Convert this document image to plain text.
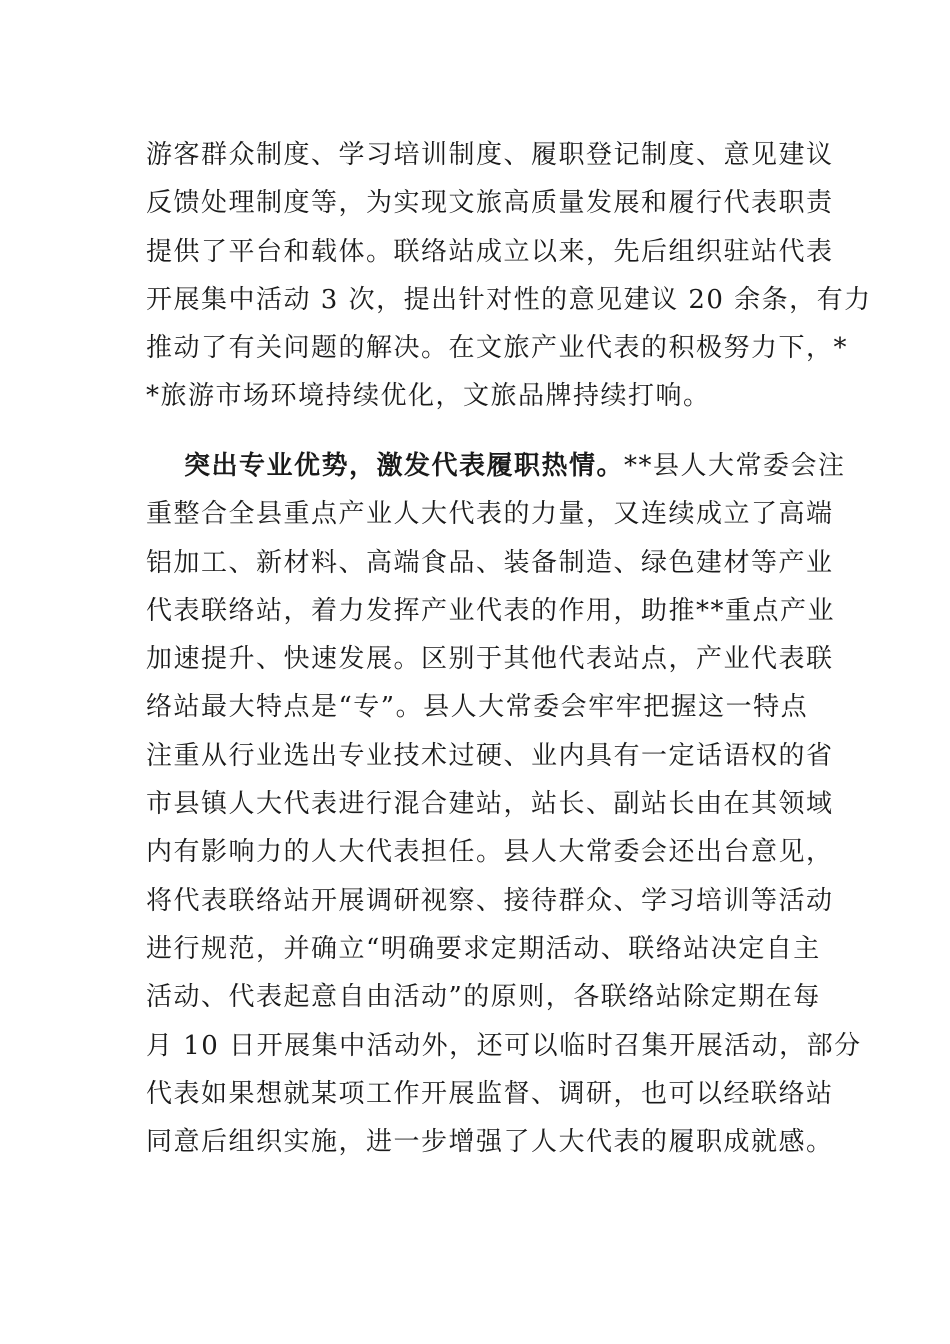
游客群众制度、学习培训制度、履职登记制度、意见建议
反馈处理制度等，为实现文旅高质量发展和履行代表职责
提供了平台和载体。联络站成立以来，先后组织驻站代表
开展集中活动 3 次，提出针对性的意见建议 20 余条，有力
推动了有关问题的解决。在文旅产业代表的积极努力下，*
*旅游市场环境持续优化，文旅品牌持续打响。
突出专业优势，激发代表履职热情。**县人大常委会注
重整合全县重点产业人大代表的力量，又连续成立了高端
铝加工、新材料、高端食品、装备制造、绿色建材等产业
代表联络站，着力发挥产业代表的作用，助推**重点产业
加速提升、快速发展。区别于其他代表站点，产业代表联
络站最大特点是“专”。县人大常委会牢牢把握这一特点
注重从行业选出专业技术过硬、业内具有一定话语权的省
市县镇人大代表进行混合建站，站长、副站长由在其领域
内有影响力的人大代表担任。县人大常委会还出台意见，
将代表联络站开展调研视察、接待群众、学习培训等活动
进行规范，并确立“明确要求定期活动、联络站决定自主
活动、代表起意自由活动”的原则，各联络站除定期在每
月 10 日开展集中活动外，还可以临时召集开展活动，部分
代表如果想就某项工作开展监督、调研，也可以经联络站
同意后组织实施，进一步增强了人大代表的履职成就感。
